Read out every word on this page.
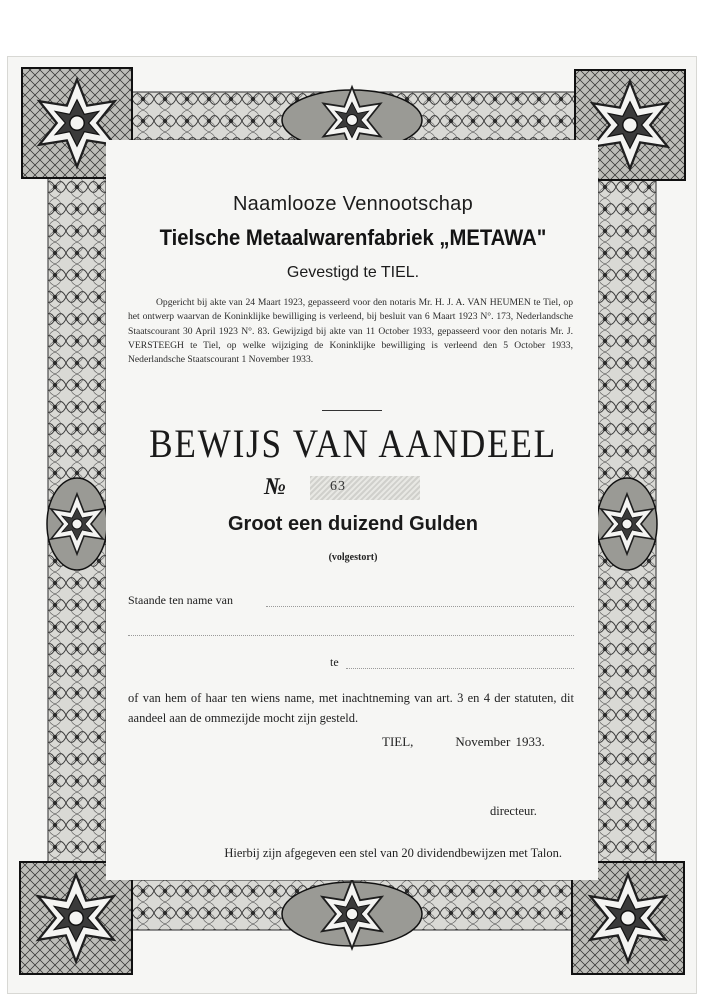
Naamlooze Vennootschap
Tielsche Metaalwarenfabriek „METAWA"
Gevestigd te TIEL.
Opgericht bij akte van 24 Maart 1923, gepasseerd voor den notaris Mr. H. J. A. VAN HEUMEN te Tiel, op het ontwerp waarvan de Koninklijke bewilliging is verleend, bij besluit van 6 Maart 1923 N°. 173, Nederlandsche Staatscourant 30 April 1923 N°. 83. Gewijzigd bij akte van 11 October 1933, gepasseerd voor den notaris Mr. J. VERSTEEGH te Tiel, op welke wijziging de Koninklijke bewilliging is verleend den 5 October 1933, Nederlandsche Staatscourant 1 November 1933.
BEWIJS VAN AANDEEL
№	63
Groot een duizend Gulden
(volgestort)
Staande ten name van
te
of van hem of haar ten wiens name, met inachtneming van art. 3 en 4 der statuten, dit aandeel aan de ommezijde mocht zijn gesteld.
TIEL,        November 1933.
directeur.
Hierbij zijn afgegeven een stel van 20 dividendbewijzen met Talon.
